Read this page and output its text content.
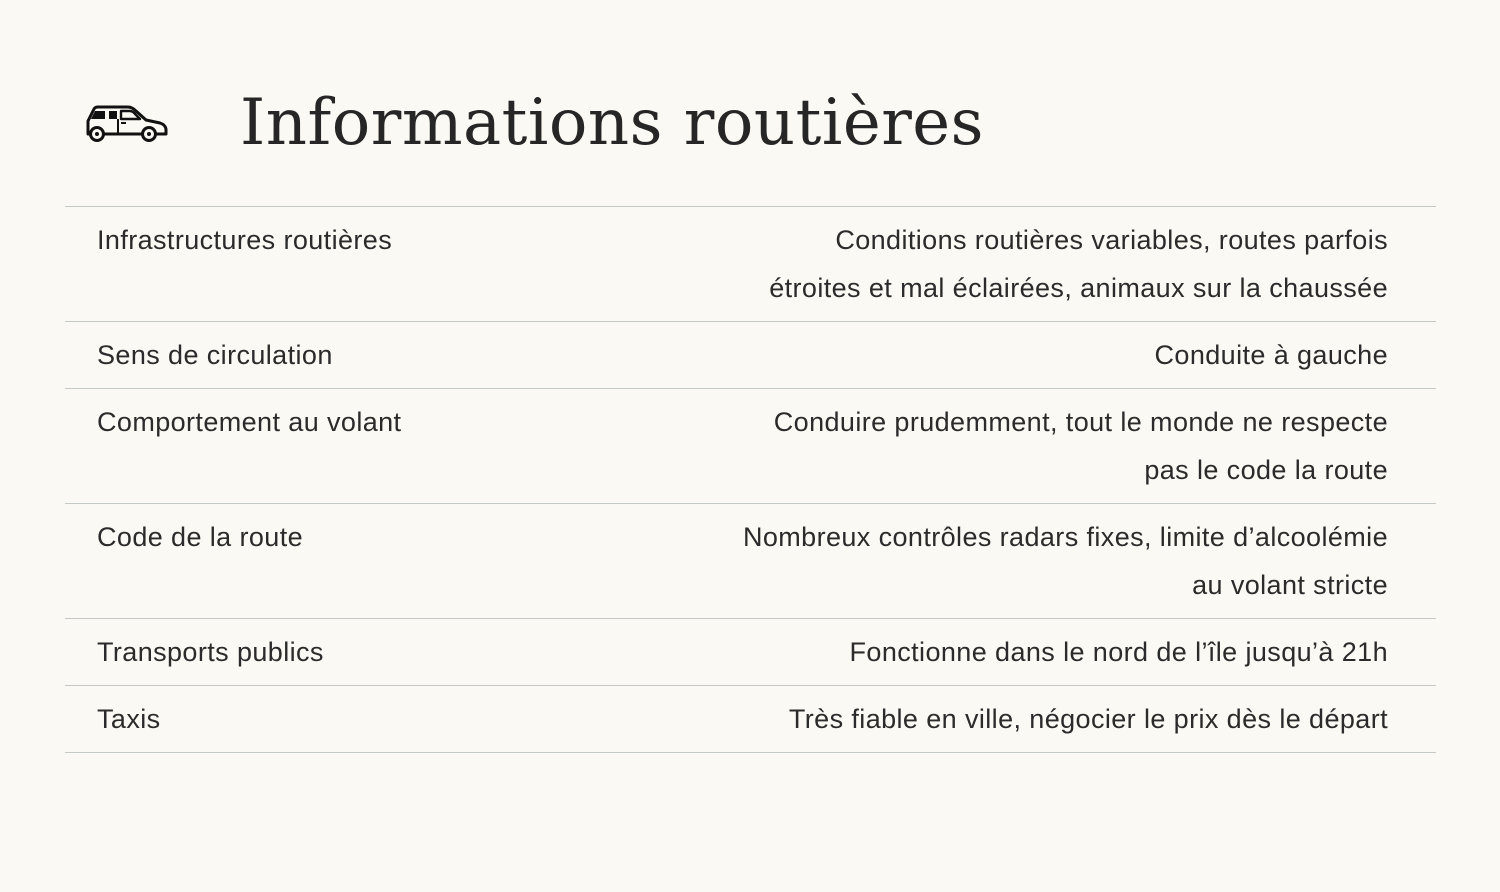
Informations routières
Infrastructures routières	Conditions routières variables, routes parfois
étroites et mal éclairées, animaux sur la chaussée
Sens de circulation	Conduite à gauche
Comportement au volant	Conduire prudemment, tout le monde ne respecte
pas le code la route
Code de la route	Nombreux contrôles radars fixes, limite d’alcoolémie
au volant stricte
Transports publics	Fonctionne dans le nord de l’île jusqu’à 21h
Taxis	Très fiable en ville, négocier le prix dès le départ
